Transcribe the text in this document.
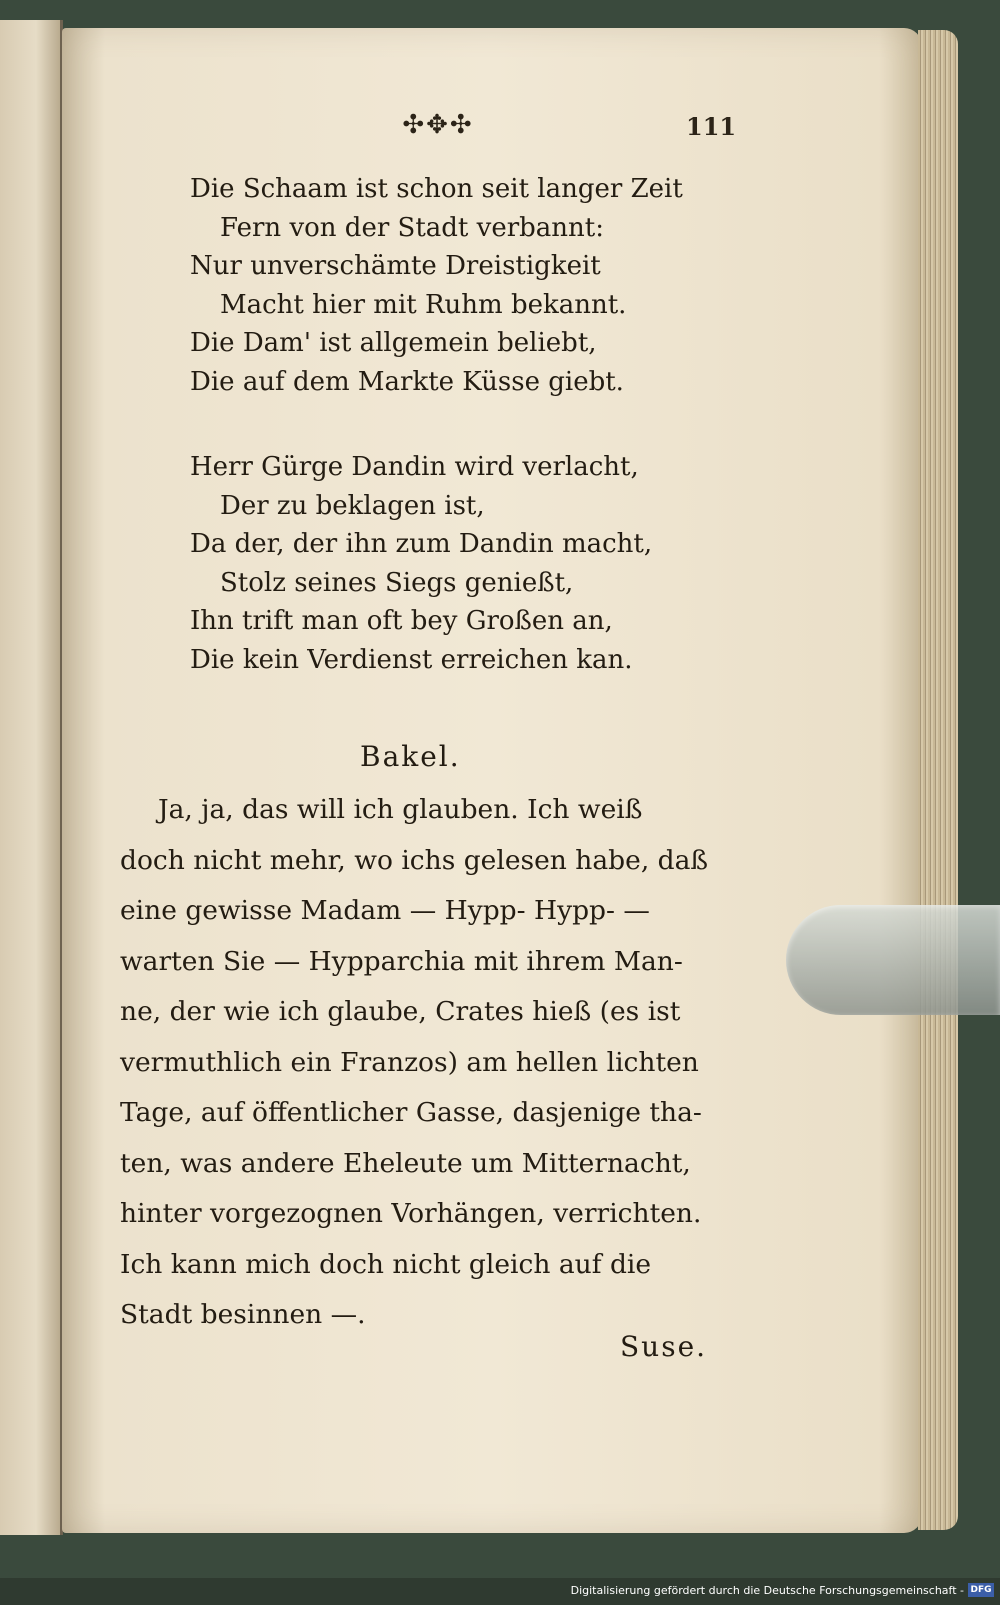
✣✥✣	111
Die Schaam ist schon seit langer Zeit
Fern von der Stadt verbannt:
Nur unverschämte Dreistigkeit
Macht hier mit Ruhm bekannt.
Die Dam' ist allgemein beliebt,
Die auf dem Markte Küsse giebt.
Herr Gürge Dandin wird verlacht,
Der zu beklagen ist,
Da der, der ihn zum Dandin macht,
Stolz seines Siegs genießt,
Ihn trift man oft bey Großen an,
Die kein Verdienst erreichen kan.
Bakel.
Ja, ja, das will ich glauben. Ich weiß
doch nicht mehr, wo ichs gelesen habe, daß
eine gewisse Madam — Hypp- Hypp- —
warten Sie — Hypparchia mit ihrem Man-
ne, der wie ich glaube, Crates hieß (es ist
vermuthlich ein Franzos) am hellen lichten
Tage, auf öffentlicher Gasse, dasjenige tha-
ten, was andere Eheleute um Mitternacht,
hinter vorgezognen Vorhängen, verrichten.
Ich kann mich doch nicht gleich auf die
Stadt besinnen —.
Suse.
Digitalisierung gefördert durch die Deutsche Forschungsgemeinschaft - DFG
